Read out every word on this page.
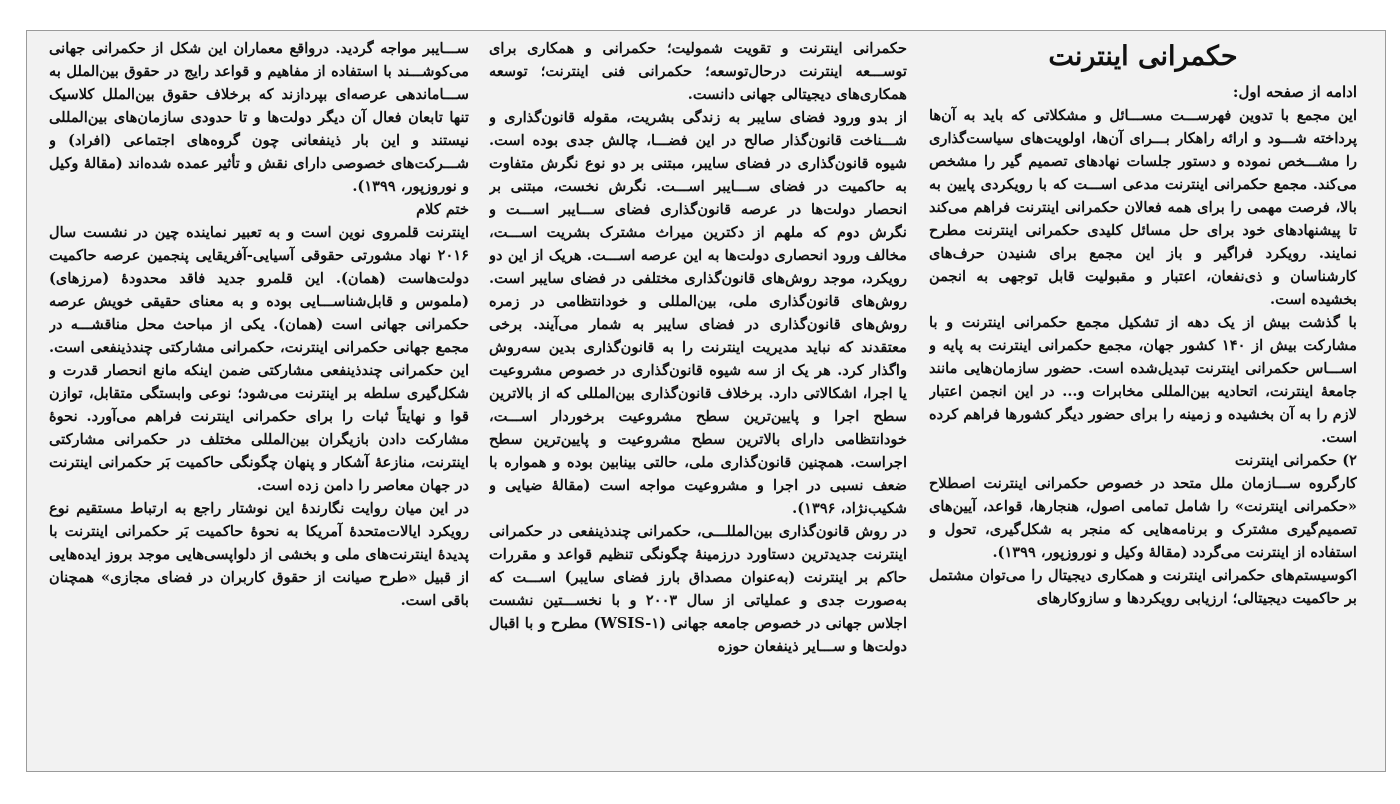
حکمرانی اینترنت

ادامه از صفحه اول:

این مجمع با تدوین فهرســـت مســـائل و مشکلاتی که باید به آن‌ها پرداخته شـــود و ارائه راهکار بـــرای آن‌ها، اولویت‌های سیاست‌گذاری را مشـــخص نموده و دستور جلسات نهادهای تصمیم گیر را مشخص می‌کند. مجمع حکمرانی اینترنت مدعی اســـت که با رویکردی پایین به بالا، فرصت مهمی را برای همه فعالان حکمرانی اینترنت فراهم می‌کند تا پیشنهادهای خود برای حل مسائل کلیدی حکمرانی اینترنت مطرح نمایند. رویکرد فراگیر و باز این مجمع برای شنیدن حرف‌های کارشناسان و ذی‌نفعان، اعتبار و مقبولیت قابل توجهی به انجمن بخشیده است.

با گذشت بیش از یک دهه از تشکیل مجمع حکمرانی اینترنت و با مشارکت بیش از ۱۴۰ کشور جهان، مجمع حکمرانی اینترنت به پایه و اســـاس حکمرانی اینترنت تبدیل‌شده است. حضور سازمان‌هایی مانند جامعهٔ اینترنت، اتحادیه بین‌المللی مخابرات و... در این انجمن اعتبار لازم را به آن بخشیده و زمینه را برای حضور دیگر کشورها فراهم کرده است.

۲) حکمرانی اینترنت

کارگروه ســـازمان ملل متحد در خصوص حکمرانی اینترنت اصطلاح «حکمرانی اینترنت» را شامل تمامی اصول، هنجارها، قواعد، آیین‌های تصمیم‌گیری مشترک و برنامه‌هایی که منجر به شکل‌گیری، تحول و استفاده از اینترنت می‌گردد (مقالهٔ وکیل و نوروزپور، ۱۳۹۹).

اکوسیستم‌های حکمرانی اینترنت و همکاری دیجیتال را می‌توان مشتمل بر حاکمیت دیجیتالی؛ ارزیابی رویکردها و سازوکارهای

حکمرانی اینترنت و تقویت شمولیت؛ حکمرانی و همکاری برای توســـعه اینترنت درحال‌توسعه؛ حکمرانی فنی اینترنت؛ توسعه همکاری‌های دیجیتالی جهانی دانست.

از بدو ورود فضای سایبر به زندگی بشریت، مقوله قانون‌گذاری و شـــناخت قانون‌گذار صالح در این فضـــا، چالش جدی بوده است. شیوه قانون‌گذاری در فضای سایبر، مبتنی بر دو نوع نگرش متفاوت به حاکمیت در فضای ســـایبر اســـت. نگرش نخست، مبتنی بر انحصار دولت‌ها در عرصه قانون‌گذاری فضای ســـایبر اســـت و نگرش دوم که ملهم از دکترین میراث مشترک بشریت اســـت، مخالف ورود انحصاری دولت‌ها به این عرصه اســـت. هریک از این دو رویکرد، موجد روش‌های قانون‌گذاری مختلفی در فضای سایبر است. روش‌های قانون‌گذاری ملی، بین‌المللی و خودانتظامی در زمره روش‌های قانون‌گذاری در فضای سایبر به شمار می‌آیند. برخی معتقدند که نباید مدیریت اینترنت را به قانون‌گذاری بدین سه‌روش واگذار کرد. هر یک از سه شیوه قانون‌گذاری در خصوص مشروعیت یا اجرا، اشکالاتی دارد. برخلاف قانون‌گذاری بین‌المللی که از بالاترین سطح اجرا و پایین‌ترین سطح مشروعیت برخوردار اســـت، خودانتظامی دارای بالاترین سطح مشروعیت و پایین‌ترین سطح اجراست. همچنین قانون‌گذاری ملی، حالتی بینابین بوده و همواره با ضعف نسبی در اجرا و مشروعیت مواجه است (مقالهٔ ضیایی و شکیب‌نژاد، ۱۳۹۶).

در روش قانون‌گذاری بین‌المللـــی، حکمرانی چندذینفعی در حکمرانی اینترنت جدیدترین دستاورد درزمینهٔ چگونگی تنظیم قواعد و مقررات حاکم بر اینترنت (به‌عنوان مصداق بارز فضای سایبر) اســـت که به‌صورت جدی و عملیاتی از سال ۲۰۰۳ و با نخســـتین نشست اجلاس جهانی در خصوص جامعه جهانی (WSIS-۱) مطرح و با اقبال دولت‌ها و ســـایر ذینفعان حوزه

ســـایبر مواجه گردید. درواقع معماران این شکل از حکمرانی جهانی می‌کوشـــند با استفاده از مفاهیم و قواعد رایج در حقوق بین‌الملل به ســـاماندهی عرصه‌ای بپردازند که برخلاف حقوق بین‌الملل کلاسیک تنها تابعان فعال آن دیگر دولت‌ها و تا حدودی سازمان‌های بین‌المللی نیستند و این بار ذینفعانی چون گروه‌های اجتماعی (افراد) و شـــرکت‌های خصوصی دارای نقش و تأثیر عمده شده‌اند (مقالهٔ وکیل و نوروزپور، ۱۳۹۹).

ختم کلام

اینترنت قلمروی نوین است و به تعبیر نماینده چین در نشست سال ۲۰۱۶ نهاد مشورتی حقوقی آسیایی-آفریقایی پنجمین عرصه حاکمیت دولت‌هاست (همان). این قلمرو جدید فاقد محدودهٔ (مرزهای) (ملموس و قابل‌شناســـایی بوده و به معنای حقیقی خویش عرصه حکمرانی جهانی است (همان). یکی از مباحث محل مناقشـــه در مجمع جهانی حکمرانی اینترنت، حکمرانی مشارکتی چندذینفعی است. این حکمرانی چندذینفعی مشارکتی ضمن اینکه مانع انحصار قدرت و شکل‌گیری سلطه بر اینترنت می‌شود؛ نوعی وابستگی متقابل، توازن قوا و نهایتاً ثبات را برای حکمرانی اینترنت فراهم می‌آورد. نحوهٔ مشارکت دادن بازیگران بین‌المللی مختلف در حکمرانی مشارکتی اینترنت، منازعهٔ آشکار و پنهان چگونگی حاکمیت بَر حکمرانی اینترنت در جهان معاصر را دامن زده است.

در این میان روایت نگارندهٔ این نوشتار راجع به ارتباط مستقیم نوع رویکرد ایالات‌متحدهٔ آمریکا به نحوهٔ حاکمیت بَر حکمرانی اینترنت با پدیدهٔ اینترنت‌های ملی و بخشی از دلواپسی‌هایی موجد بروز ایده‌هایی از قبیل «طرح صیانت از حقوق کاربران در فضای مجازی» همچنان باقی است.
